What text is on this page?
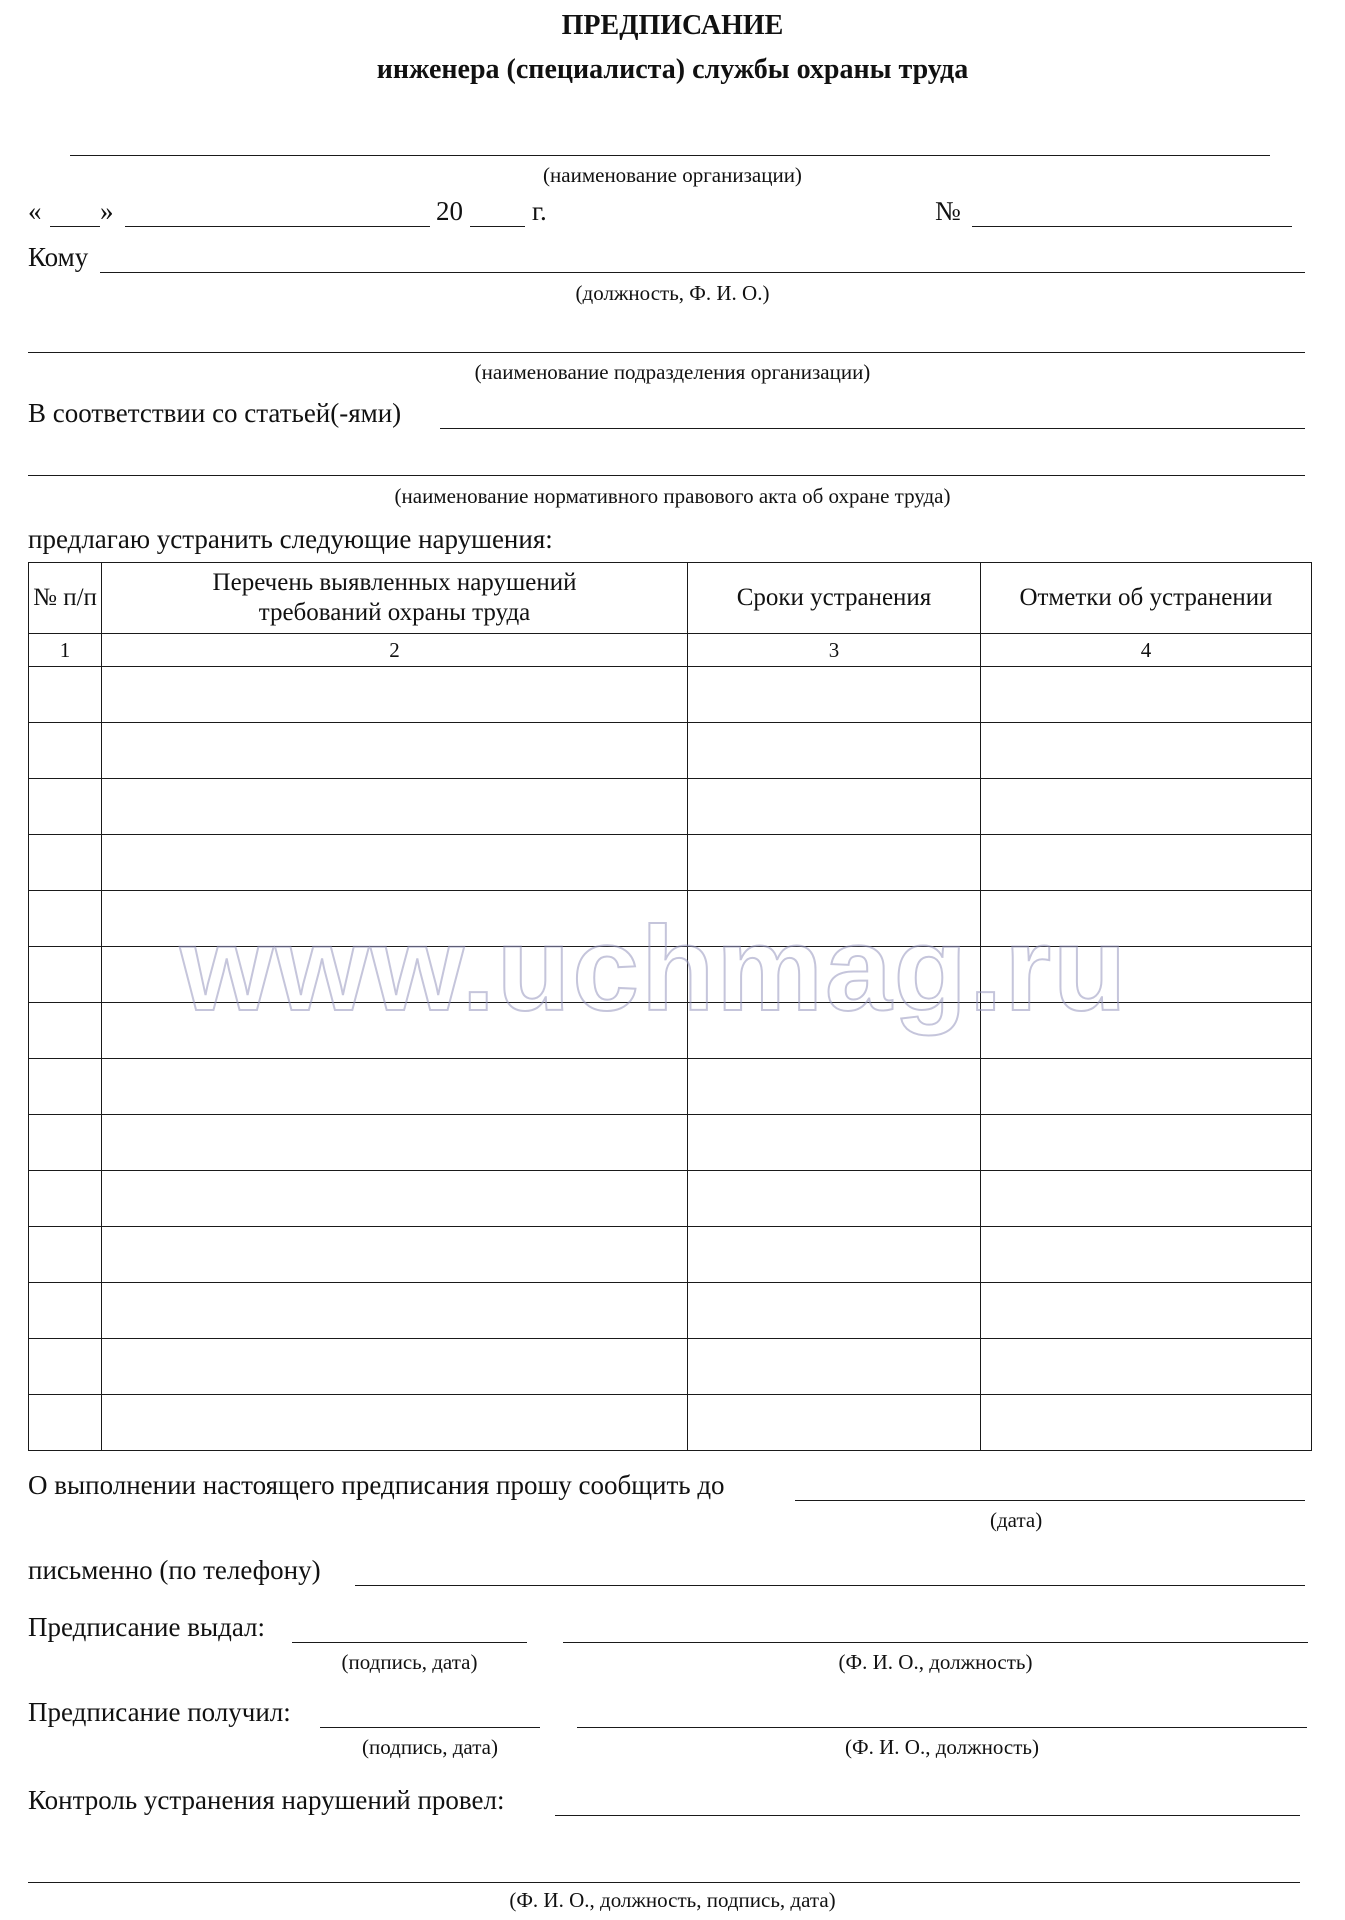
ПРЕДПИСАНИЕ
инженера (специалиста) службы охраны труда
(наименование организации)
« »	20	г.	№
Кому
(должность, Ф. И. О.)
(наименование подразделения организации)
В соответствии со статьей(-ями)
(наименование нормативного правового акта об охране труда)
предлагаю устранить следующие нарушения:
№ п/п	Перечень выявленных нарушений требований охраны труда	Сроки устранения	Отметки об устранении
1	2	3	4

www.uchmag.ru
О выполнении настоящего предписания прошу сообщить до
(дата)
письменно (по телефону)
Предписание выдал:
(подпись, дата)	(Ф. И. О., должность)
Предписание получил:
(подпись, дата)	(Ф. И. О., должность)
Контроль устранения нарушений провел:
(Ф. И. О., должность, подпись, дата)
